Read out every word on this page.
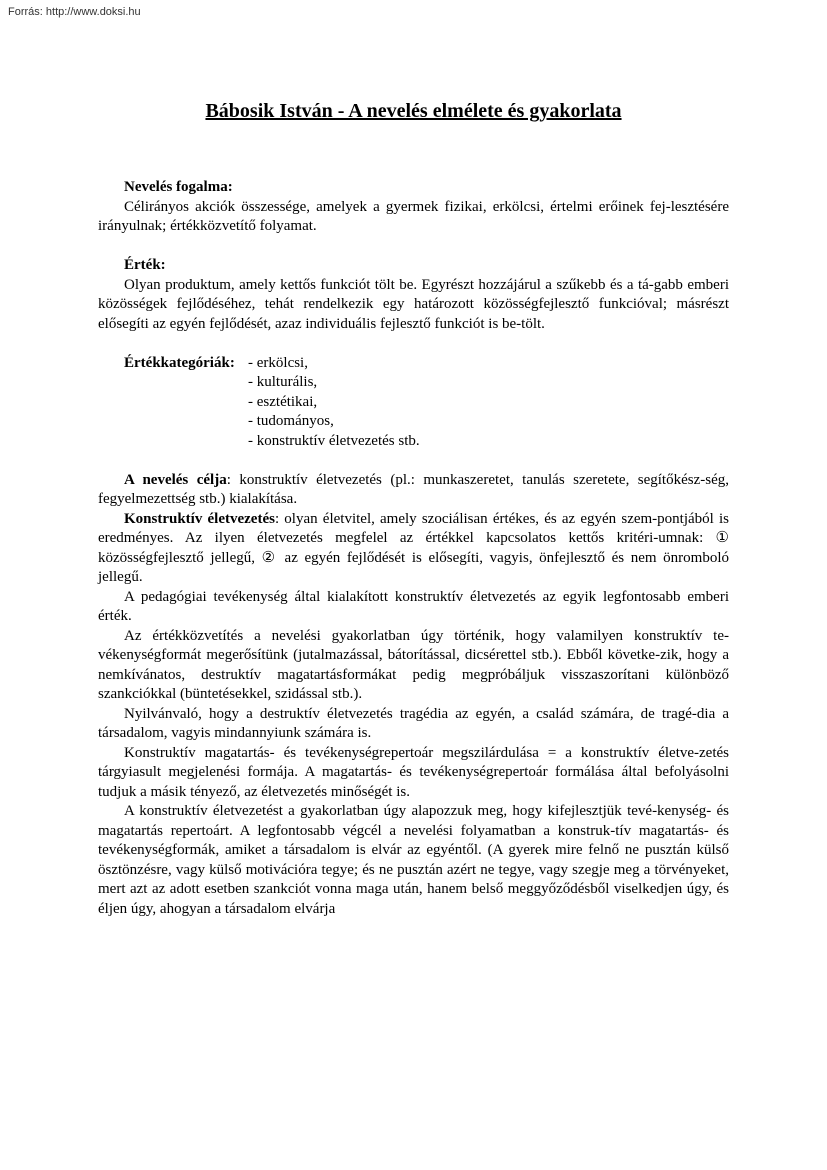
Forrás: http://www.doksi.hu
Bábosik István - A nevelés elmélete és gyakorlata

Nevelés fogalma:

Célirányos akciók összessége, amelyek a gyermek fizikai, erkölcsi, értelmi erőinek fej-lesztésére irányulnak; értékközvetítő folyamat.

Érték:

Olyan produktum, amely kettős funkciót tölt be. Egyrészt hozzájárul a szűkebb és a tá-gabb emberi közösségek fejlődéséhez, tehát rendelkezik egy határozott közösségfejlesztő funkcióval; másrészt elősegíti az egyén fejlődését, azaz individuális fejlesztő funkciót is be-tölt.

Értékkategóriák: - erkölcsi,
- kulturális,
- esztétikai,
- tudományos,
- konstruktív életvezetés stb.

A nevelés célja: konstruktív életvezetés (pl.: munkaszeretet, tanulás szeretete, segítőkész-ség, fegyelmezettség stb.) kialakítása.

Konstruktív életvezetés: olyan életvitel, amely szociálisan értékes, és az egyén szem-pontjából is eredményes. Az ilyen életvezetés megfelel az értékkel kapcsolatos kettős kritéri-umnak: ① közösségfejlesztő jellegű, ② az egyén fejlődését is elősegíti, vagyis, önfejlesztő és nem önromboló jellegű.

A pedagógiai tevékenység által kialakított konstruktív életvezetés az egyik legfontosabb emberi érték.

Az értékközvetítés a nevelési gyakorlatban úgy történik, hogy valamilyen konstruktív te-vékenységformát megerősítünk (jutalmazással, bátorítással, dicsérettel stb.). Ebből követke-zik, hogy a nemkívánatos, destruktív magatartásformákat pedig megpróbáljuk visszaszorítani különböző szankciókkal (büntetésekkel, szidással stb.).

Nyilvánvaló, hogy a destruktív életvezetés tragédia az egyén, a család számára, de tragé-dia a társadalom, vagyis mindannyiunk számára is.

Konstruktív magatartás- és tevékenységrepertoár megszilárdulása = a konstruktív életve-zetés tárgyiasult megjelenési formája. A magatartás- és tevékenységrepertoár formálása által befolyásolni tudjuk a másik tényező, az életvezetés minőségét is.

A konstruktív életvezetést a gyakorlatban úgy alapozzuk meg, hogy kifejlesztjük tevé-kenység- és magatartás repertoárt. A legfontosabb végcél a nevelési folyamatban a konstruk-tív magatartás- és tevékenységformák, amiket a társadalom is elvár az egyéntől. (A gyerek mire felnő ne pusztán külső ösztönzésre, vagy külső motivációra tegye; és ne pusztán azért ne tegye, vagy szegje meg a törvényeket, mert azt az adott esetben szankciót vonna maga után, hanem belső meggyőződésből viselkedjen úgy, és éljen úgy, ahogyan a társadalom elvárja
